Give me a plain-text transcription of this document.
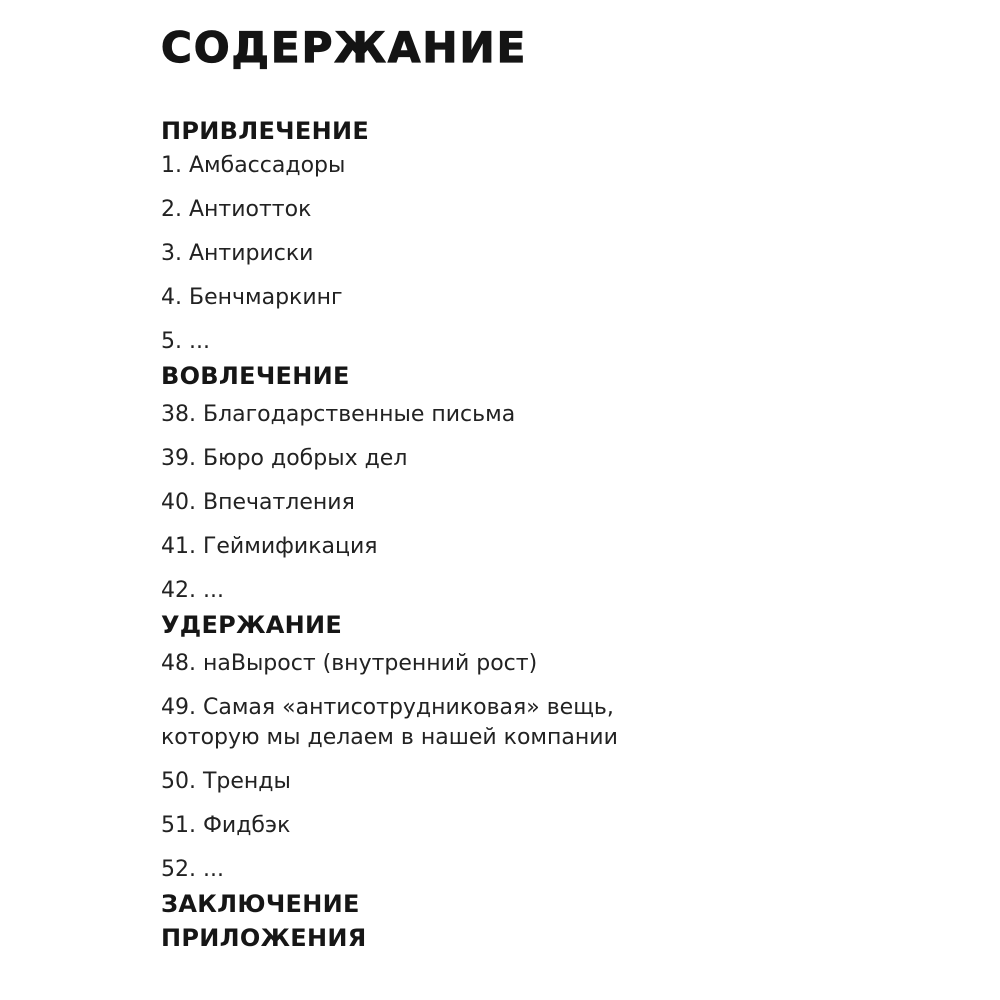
СОДЕРЖАНИЕ
ПРИВЛЕЧЕНИЕ
1. Амбассадоры
2. Антиотток
3. Антириски
4. Бенчмаркинг
5. ...
ВОВЛЕЧЕНИЕ
38. Благодарственные письма
39. Бюро добрых дел
40. Впечатления
41. Геймификация
42. ...
УДЕРЖАНИЕ
48. наВырост (внутренний рост)
49. Самая «антисотрудниковая» вещь,
которую мы делаем в нашей компании
50. Тренды
51. Фидбэк
52. ...
ЗАКЛЮЧЕНИЕ
ПРИЛОЖЕНИЯ
